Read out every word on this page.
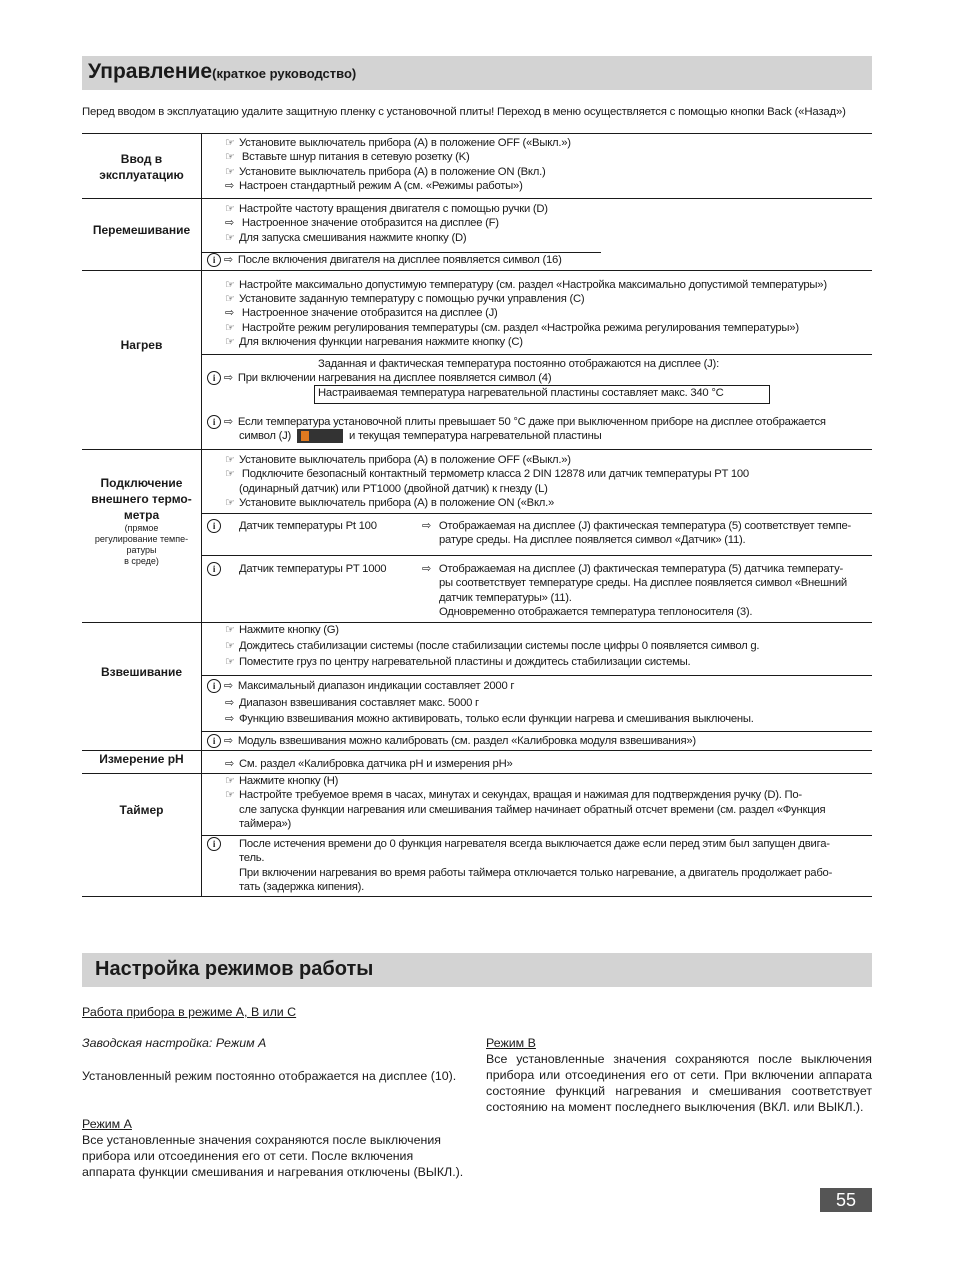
Управление(краткое руководство)
Перед вводом в эксплуатацию удалите защитную пленку с установочной плиты! Переход в меню осуществляется с помощью кнопки Back («Назад»)
Ввод в эксплуатацию
☞ Установите выключатель прибора (A) в положение OFF («Выкл.»)
☞ Вставьте шнур питания в сетевую розетку (K)
☞ Установите выключатель прибора (A) в положение ON (Вкл.)
⇨ Настроен стандартный режим A (см. «Режимы работы»)
Перемешивание
☞ Настройте частоту вращения двигателя с помощью ручки (D)
⇨ Настроенное значение отобразится на дисплее (F)
☞ Для запуска смешивания нажмите кнопку (D)
i ⇨ После включения двигателя на дисплее появляется символ (16)
Нагрев
☞ Настройте максимально допустимую температуру (см. раздел «Настройка максимально допустимой температуры»)
☞ Установите заданную температуру с помощью ручки управления (C)
⇨ Настроенное значение отобразится на дисплее (J)
☞ Настройте режим регулирования температуры (см. раздел «Настройка режима регулирования температуры»)
☞ Для включения функции нагревания нажмите кнопку (C)
Заданная и фактическая температура постоянно отображаются на дисплее (J):
i ⇨ При включении нагревания на дисплее появляется символ (4)
Настраиваемая температура нагревательной пластины составляет макс. 340 °C
i ⇨ Если температура установочной плиты превышает 50 °C даже при выключенном приборе на дисплее отображается
символ (J)	и текущая температура нагревательной пластины
Подключение
внешнего термо-
метра
(прямое
регулирование темпе-
ратуры
в среде)
☞ Установите выключатель прибора (A) в положение OFF («Выкл.»)
☞ Подключите безопасный контактный термометр класса 2 DIN 12878 или датчик температуры PT 100
(одинарный датчик) или PT1000 (двойной датчик) к гнезду (L)
☞ Установите выключатель прибора (A) в положение ON («Вкл.»
i Датчик температуры Pt 100	⇨ Отображаемая на дисплее (J) фактическая температура (5) соответствует темпе-
ратуре среды. На дисплее появляется символ «Датчик» (11).
i Датчик температуры PT 1000	⇨ Отображаемая на дисплее (J) фактическая температура (5) датчика температу-
ры соответствует температуре среды. На дисплее появляется символ «Внешний
датчик температуры» (11).
Одновременно отображается температура теплоносителя (3).
Взвешивание
☞ Нажмите кнопку (G)
☞ Дождитесь стабилизации системы (после стабилизации системы после цифры 0 появляется символ g.
☞ Поместите груз по центру нагревательной пластины и дождитесь стабилизации системы.
i ⇨ Максимальный диапазон индикации составляет 2000 г
⇨ Диапазон взвешивания составляет макс. 5000 г
⇨ Функцию взвешивания можно активировать, только если функции нагрева и смешивания выключены.
i ⇨ Модуль взвешивания можно калибровать (см. раздел «Калибровка модуля взвешивания»)
Измерение pH	⇨ См. раздел «Калибровка датчика pH и измерения pH»
Таймер
☞ Нажмите кнопку (H)
☞ Настройте требуемое время в часах, минутах и секундах, вращая и нажимая для подтверждения ручку (D). По-
сле запуска функции нагревания или смешивания таймер начинает обратный отсчет времени (см. раздел «Функция
таймера»)
i После истечения времени до 0 функция нагревателя всегда выключается даже если перед этим был запущен двига-
тель.
При включении нагревания во время работы таймера отключается только нагревание, а двигатель продолжает рабо-
тать (задержка кипения).
Настройка режимов работы
Работа прибора в режиме A, B или C
Заводская настройка: Режим A
Установленный режим постоянно отображается на дисплее (10).
Режим A
Все установленные значения сохраняются после выключения прибора или отсоединения его от сети. После включения аппарата функции смешивания и нагревания отключены (ВЫКЛ.).
Режим B
Все установленные значения сохраняются после выключения прибора или отсоединения его от сети. При включении аппарата состояние функций нагревания и смешивания соответствует состоянию на момент последнего выключения (ВКЛ. или ВЫКЛ.).
55
